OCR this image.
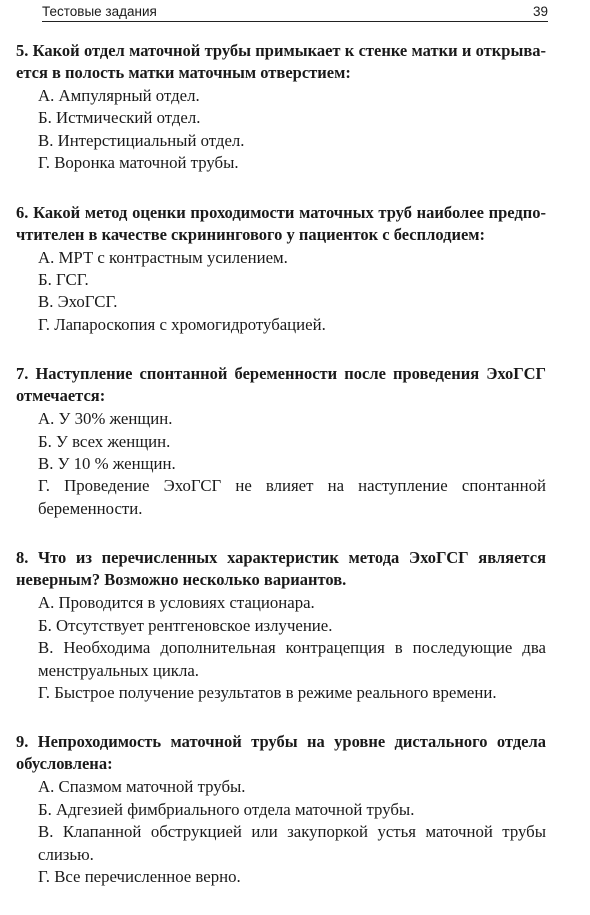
Тестовые задания	39
5. Какой отдел маточной трубы примыкает к стенке матки и открыва-ется в полость матки маточным отверстием:
А. Ампулярный отдел.
Б. Истмический отдел.
В. Интерстициальный отдел.
Г. Воронка маточной трубы.
6. Какой метод оценки проходимости маточных труб наиболее предпо-чтителен в качестве скринингового у пациенток с бесплодием:
А. МРТ с контрастным усилением.
Б. ГСГ.
В. ЭхоГСГ.
Г. Лапароскопия с хромогидротубацией.
7. Наступление спонтанной беременности после проведения ЭхоГСГ отмечается:
А. У 30% женщин.
Б. У всех женщин.
В. У 10 % женщин.
Г. Проведение ЭхоГСГ не влияет на наступление спонтанной беременности.
8. Что из перечисленных характеристик метода ЭхоГСГ является неверным? Возможно несколько вариантов.
А. Проводится в условиях стационара.
Б. Отсутствует рентгеновское излучение.
В. Необходима дополнительная контрацепция в последующие два менструальных цикла.
Г. Быстрое получение результатов в режиме реального времени.
9. Непроходимость маточной трубы на уровне дистального отдела обусловлена:
А. Спазмом маточной трубы.
Б. Адгезией фимбриального отдела маточной трубы.
В. Клапанной обструкцией или закупоркой устья маточной трубы слизью.
Г. Все перечисленное верно.
